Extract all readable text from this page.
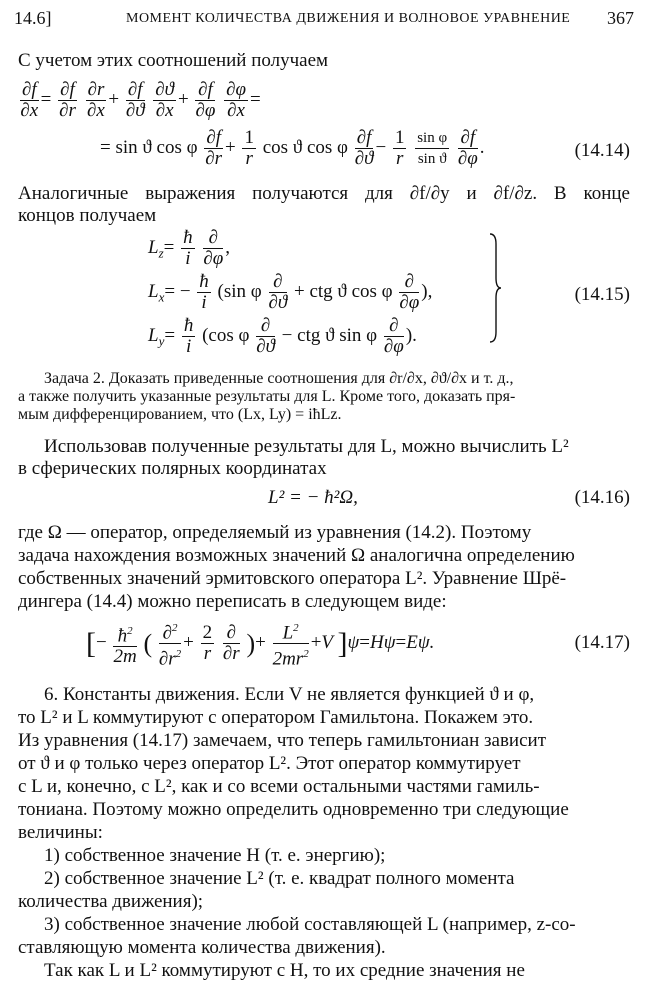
14.6]	МОМЕНТ КОЛИЧЕСТВА ДВИЖЕНИЯ И ВОЛНОВОЕ УРАВНЕНИЕ 367
С учетом этих соотношений получаем
$\frac{\partial f}{\partial x} = \frac{\partial f}{\partial r}$
$\frac{\partial r}{\partial x} + \frac{\partial f}{\partial ϑ}$
$\frac{\partial ϑ}{\partial x} + \frac{\partial f}{\partial\varphi}$
$\frac{\partial\varphi}{\partial x}$ =
= sin ϑ cos φ $\frac{\partial f}{\partial r} + \frac{1}{r}$ cos ϑ cos φ $\frac{\partial f}{\partial ϑ} - \frac{1}{r}$
$\frac{\text{sin φ}}{\text{sin ϑ}}$
$\frac{\partial f}{\partial\varphi}$ .	(14.14)
Аналогичные выражения получаются для ∂f/∂y и ∂f/∂z. В конце
концов получаем
$L_z= \frac{ħ}{i}$
$\frac{\partial}{\partial\varphi}$ ,
$L_x= - \frac{ħ}{i} (\sin$ φ $\frac{\partial}{\partial ϑ}$ + ctg ϑ cos φ $\frac{\partial}{\partial\varphi}$ ),
$L_y= \frac{ħ}{i} (\cos$ φ $\frac{\partial}{\partial ϑ}$ − ctg ϑ sin φ $\frac{\partial}{\partial\varphi}$ ).
(14.15)
Задача 2. Доказать приведенные соотношения для ∂r/∂x, ∂ϑ/∂x и т. д.,
а также получить указанные результаты для L. Кроме того, доказать пря-
мым дифференцированием, что (Lx, Ly) = iħLz.
Использовав полученные результаты для L, можно вычислить L²
в сферических полярных координатах
L² = − ħ²Ω,	(14.16)
где Ω — оператор, определяемый из уравнения (14.2). Поэтому
задача нахождения возможных значений Ω аналогична определению
собственных значений эрмитовского оператора L². Уравнение Шрё-
дингера (14.4) можно переписать в следующем виде:
[− $\frac{ħ^2}{2m}$ ( $\frac{\partial^2}{\partial r^2} + \frac{2}{r}$
$\frac{\partial}{\partial r}$ )+ $\frac{L^2}{2mr^2} +V$ ]ψ=Hψ=Eψ.	(14.17)
6. Константы движения. Если V не является функцией ϑ и φ,
то L² и L коммутируют с оператором Гамильтона. Покажем это.
Из уравнения (14.17) замечаем, что теперь гамильтониан зависит
от ϑ и φ только через оператор L². Этот оператор коммутирует
с L и, конечно, с L², как и со всеми остальными частями гамиль-
тониана. Поэтому можно определить одновременно три следующие
величины:
1) собственное значение H (т. е. энергию);
2) собственное значение L² (т. е. квадрат полного момента
количества движения);
3) собственное значение любой составляющей L (например, z-со-
ставляющую момента количества движения).
Так как L и L² коммутируют с H, то их средние значения не
